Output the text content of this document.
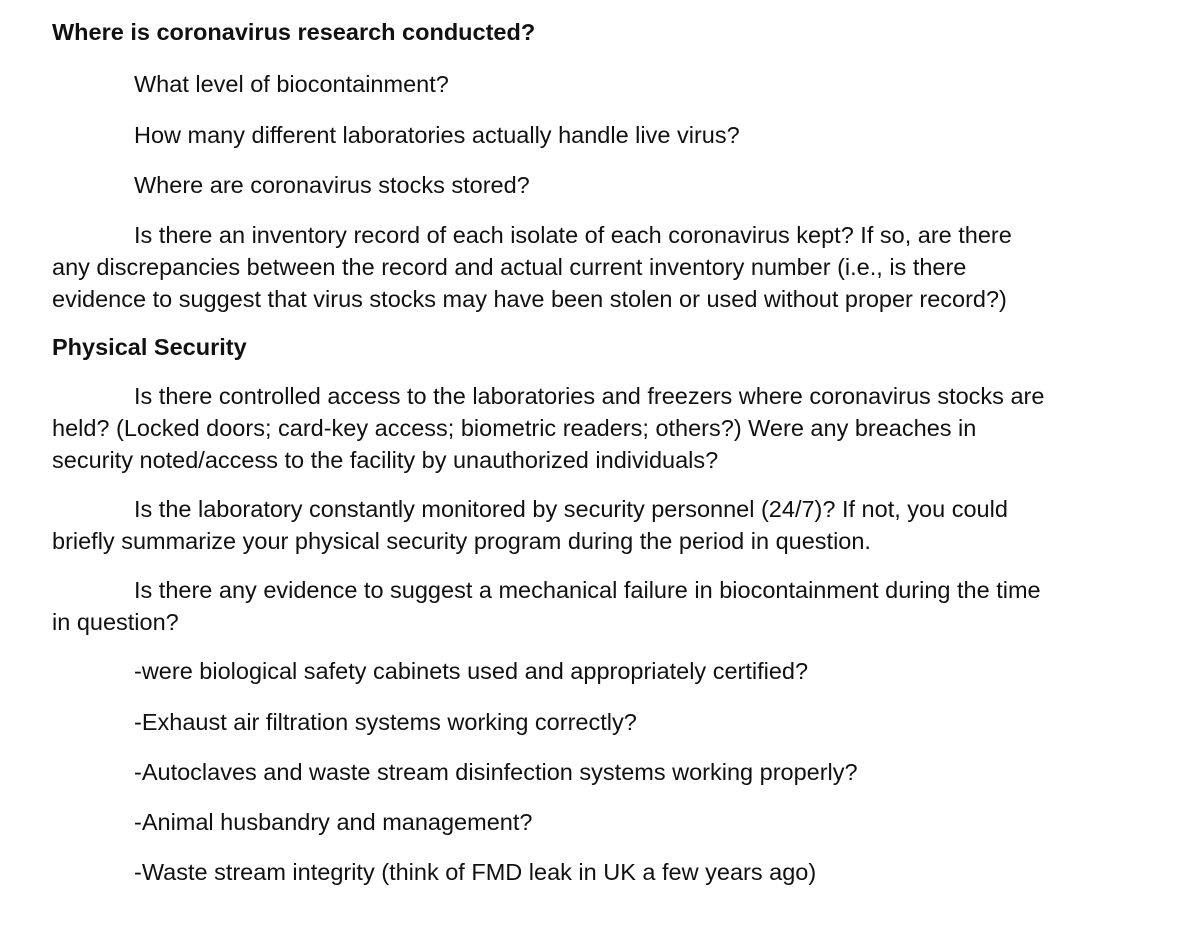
Where is coronavirus research conducted?
What level of biocontainment?
How many different laboratories actually handle live virus?
Where are coronavirus stocks stored?
Is there an inventory record of each isolate of each coronavirus kept? If so, are there
any discrepancies between the record and actual current inventory number (i.e., is there
evidence to suggest that virus stocks may have been stolen or used without proper record?)
Physical Security
Is there controlled access to the laboratories and freezers where coronavirus stocks are
held? (Locked doors; card-key access; biometric readers; others?) Were any breaches in
security noted/access to the facility by unauthorized individuals?
Is the laboratory constantly monitored by security personnel (24/7)? If not, you could
briefly summarize your physical security program during the period in question.
Is there any evidence to suggest a mechanical failure in biocontainment during the time
in question?
-were biological safety cabinets used and appropriately certified?
-Exhaust air filtration systems working correctly?
-Autoclaves and waste stream disinfection systems working properly?
-Animal husbandry and management?
-Waste stream integrity (think of FMD leak in UK a few years ago)
